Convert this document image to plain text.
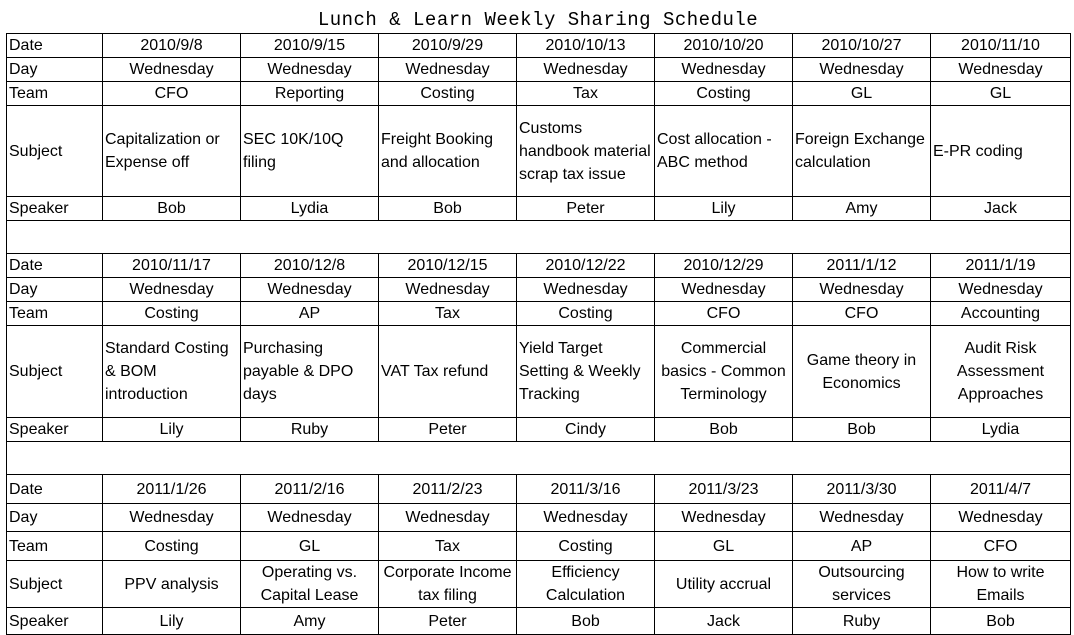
Lunch & Learn Weekly Sharing Schedule
Date	2010/9/8	2010/9/15	2010/9/29	2010/10/13	2010/10/20	2010/10/27	2010/11/10
Day	Wednesday	Wednesday	Wednesday	Wednesday	Wednesday	Wednesday	Wednesday
Team	CFO	Reporting	Costing	Tax	Costing	GL	GL
Subject	Capitalization or Expense off	SEC 10K/10Q filing	Freight Booking and allocation	Customs handbook material scrap tax issue	Cost allocation - ABC method	Foreign Exchange calculation	E-PR coding
Speaker	Bob	Lydia	Bob	Peter	Lily	Amy	Jack

Date	2010/11/17	2010/12/8	2010/12/15	2010/12/22	2010/12/29	2011/1/12	2011/1/19
Day	Wednesday	Wednesday	Wednesday	Wednesday	Wednesday	Wednesday	Wednesday
Team	Costing	AP	Tax	Costing	CFO	CFO	Accounting
Subject	Standard Costing & BOM introduction	Purchasing payable & DPO days	VAT Tax refund	Yield Target Setting & Weekly Tracking	Commercial basics - Common Terminology	Game theory in Economics	Audit Risk Assessment Approaches
Speaker	Lily	Ruby	Peter	Cindy	Bob	Bob	Lydia

Date	2011/1/26	2011/2/16	2011/2/23	2011/3/16	2011/3/23	2011/3/30	2011/4/7
Day	Wednesday	Wednesday	Wednesday	Wednesday	Wednesday	Wednesday	Wednesday
Team	Costing	GL	Tax	Costing	GL	AP	CFO
Subject	PPV analysis	Operating vs. Capital Lease	Corporate Income tax filing	Efficiency Calculation	Utility accrual	Outsourcing services	How to write Emails
Speaker	Lily	Amy	Peter	Bob	Jack	Ruby	Bob
